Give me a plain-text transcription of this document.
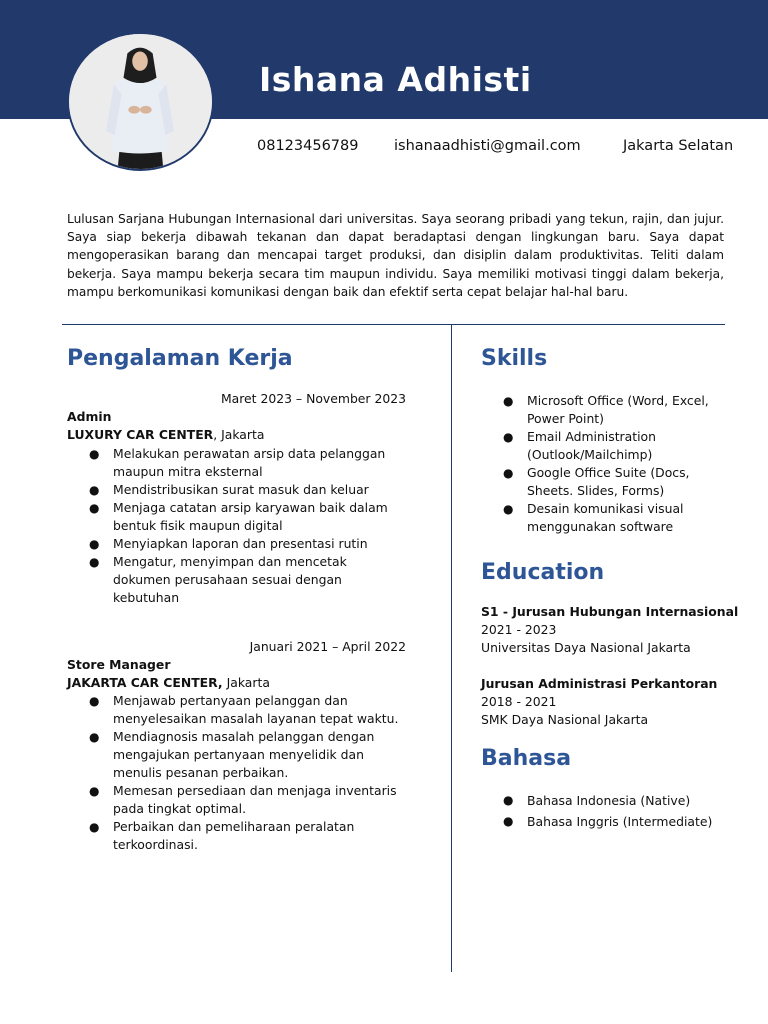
Ishana Adhisti
08123456789 ishanaadhisti@gmail.com	Jakarta Selatan
Lulusan Sarjana Hubungan Internasional dari universitas. Saya seorang pribadi yang tekun, rajin, dan jujur. Saya siap bekerja dibawah tekanan dan dapat beradaptasi dengan lingkungan baru. Saya dapat mengoperasikan barang dan mencapai target produksi, dan disiplin dalam produktivitas. Teliti dalam bekerja. Saya mampu bekerja secara tim maupun individu. Saya memiliki motivasi tinggi dalam bekerja, mampu berkomunikasi komunikasi dengan baik dan efektif serta cepat belajar hal-hal baru.
Pengalaman Kerja
Maret 2023 – November 2023
Admin
LUXURY CAR CENTER, Jakarta
● Melakukan perawatan arsip data pelanggan maupun mitra eksternal
● Mendistribusikan surat masuk dan keluar
● Menjaga catatan arsip karyawan baik dalam bentuk fisik maupun digital
● Menyiapkan laporan dan presentasi rutin
● Mengatur, menyimpan dan mencetak dokumen perusahaan sesuai dengan kebutuhan
Januari 2021 – April 2022
Store Manager
JAKARTA CAR CENTER, Jakarta
● Menjawab pertanyaan pelanggan dan menyelesaikan masalah layanan tepat waktu.
● Mendiagnosis masalah pelanggan dengan mengajukan pertanyaan menyelidik dan menulis pesanan perbaikan.
● Memesan persediaan dan menjaga inventaris pada tingkat optimal.
● Perbaikan dan pemeliharaan peralatan terkoordinasi.
Skills
● Microsoft Office (Word, Excel, Power Point)
● Email Administration (Outlook/Mailchimp)
● Google Office Suite (Docs, Sheets. Slides, Forms)
● Desain komunikasi visual menggunakan software
Education
S1 - Jurusan Hubungan Internasional
2021 - 2023
Universitas Daya Nasional Jakarta
Jurusan Administrasi Perkantoran
2018 - 2021
SMK Daya Nasional Jakarta
Bahasa
● Bahasa Indonesia (Native)
● Bahasa Inggris (Intermediate)
